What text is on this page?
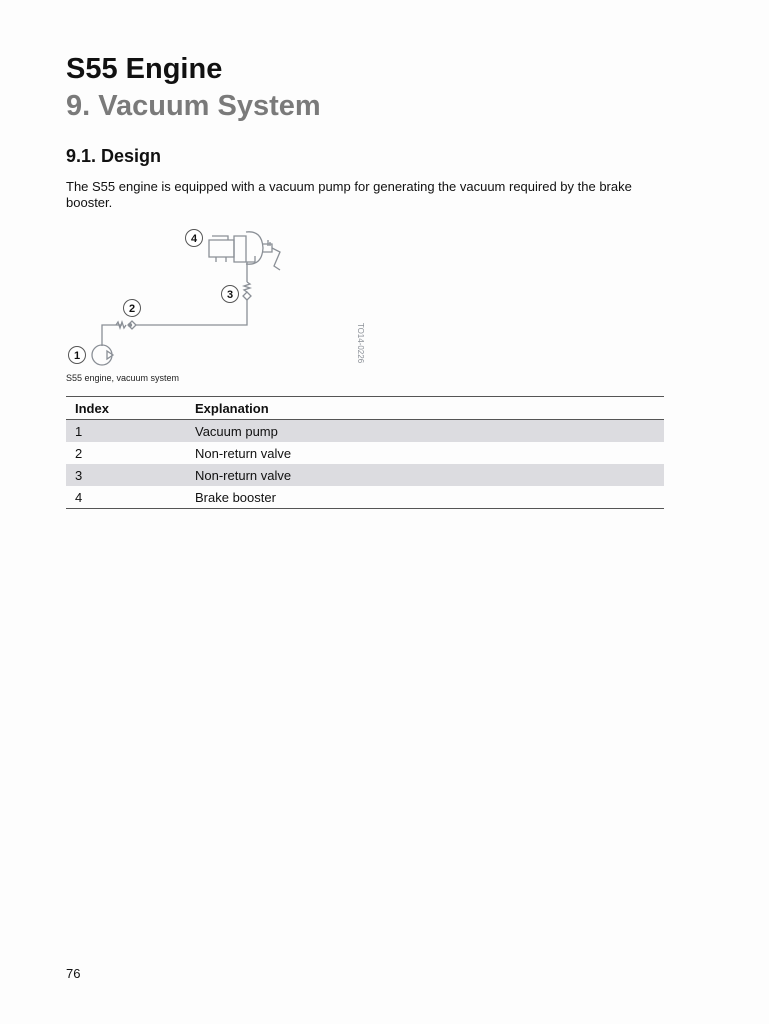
S55 Engine
9. Vacuum System
9.1. Design

The S55 engine is equipped with a vacuum pump for generating the vacuum required by the brake booster.

1
2
3
4
TO14-0226
S55 engine, vacuum system
Index	Explanation
1	Vacuum pump
2	Non-return valve
3	Non-return valve
4	Brake booster
76
